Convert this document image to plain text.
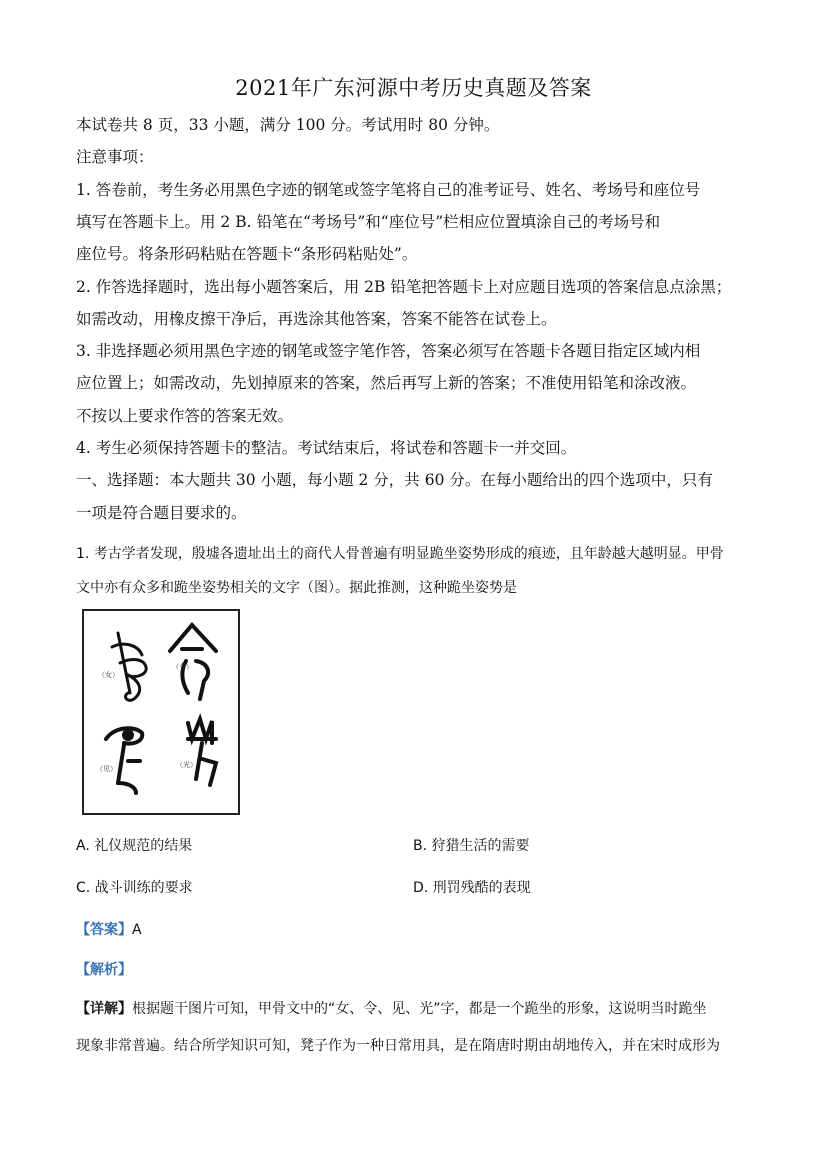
2021年广东河源中考历史真题及答案
本试卷共 8 页，33 小题，满分 100 分。考试用时 80 分钟。
注意事项：
1. 答卷前，考生务必用黑色字迹的钢笔或签字笔将自己的准考证号、姓名、考场号和座位号
填写在答题卡上。用 2 B. 铅笔在“考场号”和“座位号”栏相应位置填涂自己的考场号和
座位号。将条形码粘贴在答题卡“条形码粘贴处”。
2. 作答选择题时，选出每小题答案后，用 2B 铅笔把答题卡上对应题目选项的答案信息点涂黑；
如需改动，用橡皮擦干净后，再选涂其他答案，答案不能答在试卷上。
3. 非选择题必须用黑色字迹的钢笔或签字笔作答，答案必须写在答题卡各题目指定区域内相
应位置上；如需改动，先划掉原来的答案，然后再写上新的答案；不准使用铅笔和涂改液。
不按以上要求作答的答案无效。
4. 考生必须保持答题卡的整洁。考试结束后，将试卷和答题卡一并交回。
一、选择题：本大题共 30 小题，每小题 2 分，共 60 分。在每小题给出的四个选项中，只有
一项是符合题目要求的。
1. 考古学者发现，殷墟各遗址出土的商代人骨普遍有明显跪坐姿势形成的痕迹，且年龄越大越明显。甲骨
文中亦有众多和跪坐姿势相关的文字（图）。据此推测，这种跪坐姿势是
（女）
（令）
（见）	（光）
A. 礼仪规范的结果	B. 狩猎生活的需要
C. 战斗训练的要求	D. 刑罚残酷的表现
【答案】A
【解析】
【详解】根据题干图片可知，甲骨文中的“女、令、见、光”字，都是一个跪坐的形象，这说明当时跪坐
现象非常普遍。结合所学知识可知，凳子作为一种日常用具，是在隋唐时期由胡地传入，并在宋时成形为
